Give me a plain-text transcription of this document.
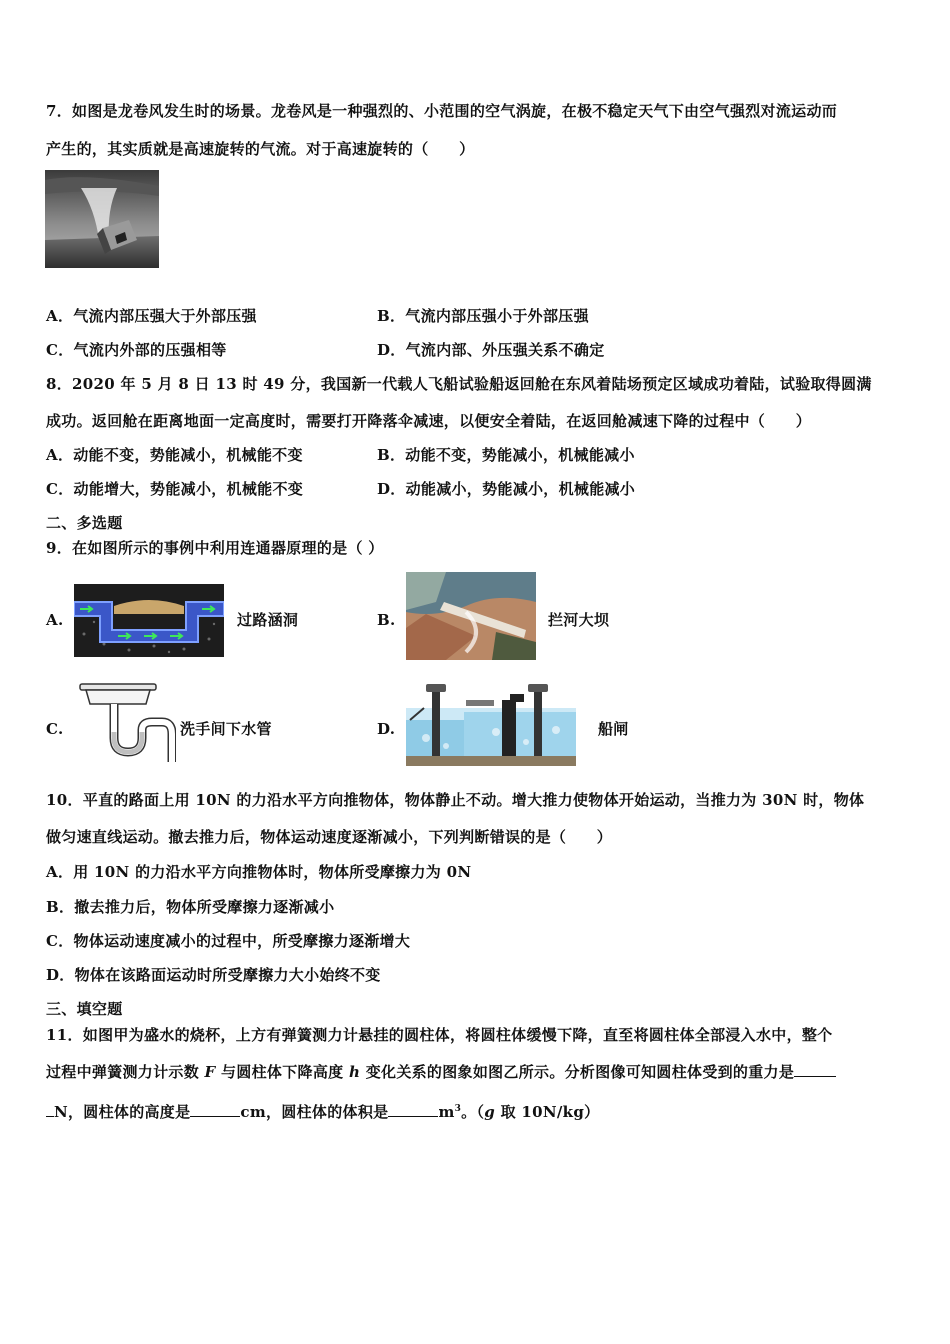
7．如图是龙卷风发生时的场景。龙卷风是一种强烈的、小范围的空气涡旋，在极不稳定天气下由空气强烈对流运动而
产生的，其实质就是高速旋转的气流。对于高速旋转的（　　）
A．气流内部压强大于外部压强	B．气流内部压强小于外部压强
C．气流内外部的压强相等	D．气流内部、外压强关系不确定
8．2020 年 5 月 8 日 13 时 49 分，我国新一代载人飞船试验船返回舱在东风着陆场预定区域成功着陆，试验取得圆满
成功。返回舱在距离地面一定高度时，需要打开降落伞减速，以便安全着陆，在返回舱减速下降的过程中（　　）
A．动能不变，势能减小，机械能不变	B．动能不变，势能减小，机械能减小
C．动能增大，势能减小，机械能不变	D．动能减小，势能减小，机械能减小
二、多选题
9．在如图所示的事例中利用连通器原理的是（ ）
A.	过路涵洞	B.	拦河大坝
C.	洗手间下水管	D.	船闸
10．平直的路面上用 10N 的力沿水平方向推物体，物体静止不动。增大推力使物体开始运动，当推力为 30N 时，物体
做匀速直线运动。撤去推力后，物体运动速度逐渐减小，下列判断错误的是（　　）
A．用 10N 的力沿水平方向推物体时，物体所受摩擦力为 0N
B．撤去推力后，物体所受摩擦力逐渐减小
C．物体运动速度减小的过程中，所受摩擦力逐渐增大
D．物体在该路面运动时所受摩擦力大小始终不变
三、填空题
11．如图甲为盛水的烧杯，上方有弹簧测力计悬挂的圆柱体，将圆柱体缓慢下降，直至将圆柱体全部浸入水中，整个
过程中弹簧测力计示数 F 与圆柱体下降高度 h 变化关系的图象如图乙所示。分析图像可知圆柱体受到的重力是
N，圆柱体的高度是	cm，圆柱体的体积是	$m^3$。（g 取 10N/kg）
